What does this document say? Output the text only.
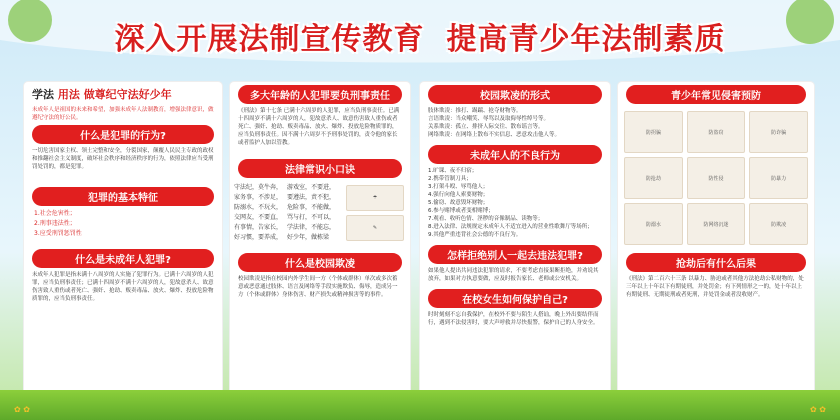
深入开展法制宣传教育 提高青少年法制素质
学法 用法 做尊纪守法好少年
未成年人是祖国的未来和希望，加强未成年人法制教育，增强法律意识，做遵纪守法的好公民。
什么是犯罪的行为?
一切危害国家主权、领土完整和安全，分裂国家，颠覆人民民主专政的政权和推翻社会主义制度，破坏社会秩序和经济秩序的行为，依照法律应当受刑罚处罚的，都是犯罪。
犯罪的基本特征
1.社会危害性；
2.刑事违法性；
3.应受刑罚惩罚性
什么是未成年人犯罪?
未成年人犯罪是指未满十八周岁的人实施了犯罪行为。已满十六周岁的人犯罪，应当负刑事责任；已满十四周岁不满十六周岁的人，犯故意杀人、故意伤害致人重伤或者死亡、强奸、抢劫、贩卖毒品、放火、爆炸、投放危险物质罪的，应当负刑事责任。
多大年龄的人犯罪要负刑事责任
《刑法》第十七条 已满十六周岁的人犯罪，应当负刑事责任。已满十四周岁不满十六周岁的人，犯故意杀人、故意伤害致人重伤或者死亡、强奸、抢劫、贩卖毒品、放火、爆炸、投放危险物质罪的，应当负刑事责任。因不满十六周岁不予刑事处罚的，责令他的家长或者监护人加以管教。
法律常识小口诀
守法纪，莫牛奔， 游戏室，不要进，
家务事，不涉足， 要遵法，责不犯，
防溺水，不玩火， 危险事，不能做，
交网友，不要直， 骂与打，不可以，
有事情，告家长， 学法律，不能忘，
好习惯，要养成， 好少年，做栋梁
☂
✎
什么是校园欺凌
校园欺凌是指在校园内外学生间一方（个体或群体）单次或多次蓄意或恶意通过肢体、语言及网络等手段实施欺负、侮辱，造成另一方（个体或群体）身体伤害、财产损失或精神损害等的事件。
校园欺凌的形式
肢体欺凌：推打、踢踹、抢夺财物等。
言语欺凌：当众嘲笑、辱骂以及取侮辱性绰号等。
关系欺凌：孤立、排挤人际交往、散布谣言等。
网络欺凌：在网络上散布不实信息、恶意攻击他人等。
未成年人的不良行为
1.旷课、夜不归宿；
2.携带管制刀具；
3.打架斗殴、辱骂他人；
4.强行向他人索要财物；
5.偷窃、故意毁坏财物；
6.参与赌博或者变相赌博；
7.观看、收听色情、淫秽的音像制品、读物等；
8.进入法律、法规规定未成年人不适宜进入的营业性歌舞厅等场所；
9.其他严重违背社会公德的不良行为。
怎样拒绝别人一起去违法犯罪?
如果他人提出共同违法犯罪的请求，不要考虑直接果断拒绝，并劝说其放弃，如果对方执意要做，应及时报告家长、老师或公安机关。
在校女生如何保护自己?
时时刻刻不忘自我保护，在校外不要与陌生人搭讪，晚上外出要结伴而行，遇到不法侵害时，要大声呼救并尽快报警，保护自己的人身安全。
青少年常见侵害预防
防拐骗	防盗窃	防诈骗
防抢劫	防性侵	防暴力
防溺水	防网络沉迷	防欺凌
抢劫后有什么后果
《刑法》第二百六十三条 以暴力、胁迫或者其他方法抢劫公私财物的，处三年以上十年以下有期徒刑，并处罚金；有下列情形之一的，处十年以上有期徒刑、无期徒刑或者死刑，并处罚金或者没收财产。
✿ ✿	✿ ✿
